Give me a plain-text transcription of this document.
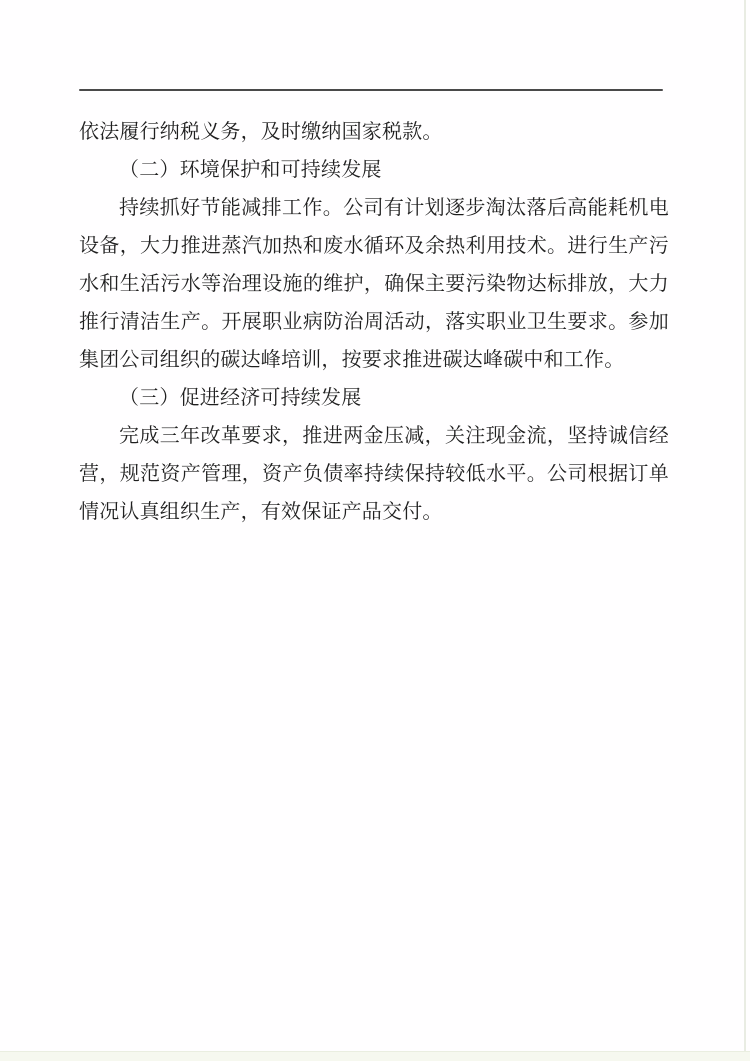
依法履行纳税义务，及时缴纳国家税款。

（二）环境保护和可持续发展

持续抓好节能减排工作。公司有计划逐步淘汰落后高能耗机电设备，大力推进蒸汽加热和废水循环及余热利用技术。进行生产污水和生活污水等治理设施的维护，确保主要污染物达标排放，大力推行清洁生产。开展职业病防治周活动，落实职业卫生要求。参加集团公司组织的碳达峰培训，按要求推进碳达峰碳中和工作。

（三）促进经济可持续发展

完成三年改革要求，推进两金压减，关注现金流，坚持诚信经营，规范资产管理，资产负债率持续保持较低水平。公司根据订单情况认真组织生产，有效保证产品交付。
